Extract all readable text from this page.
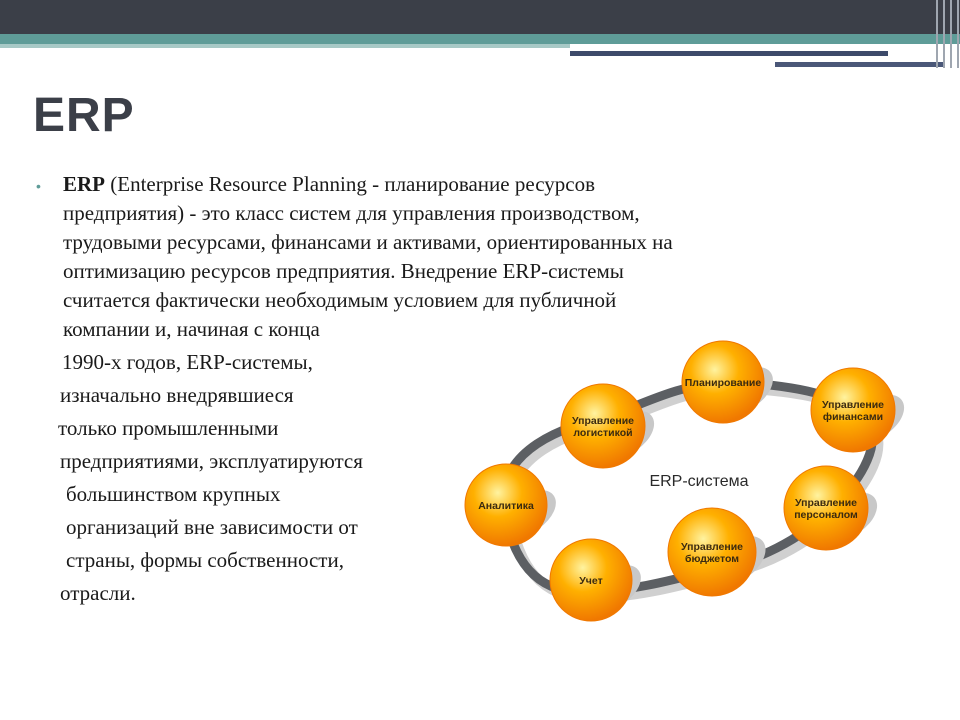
ERP
• ERP (Enterprise Resource Planning - планирование ресурсов
предприятия) - это класс систем для управления производством,
трудовыми ресурсами, финансами и активами, ориентированных на
оптимизацию ресурсов предприятия. Внедрение ERP-системы
считается фактически необходимым условием для публичной
компании и, начиная с конца
1990-х годов, ERP-системы,
изначально внедрявшиеся
только промышленными
предприятиями, эксплуатируются
большинством крупных
организаций вне зависимости от
страны, формы собственности,
отрасли.
ERP-система
Планирование
Управление
финансами
Управление
персоналом
Управление
бюджетом
Учет
Аналитика
Управление
логистикой
